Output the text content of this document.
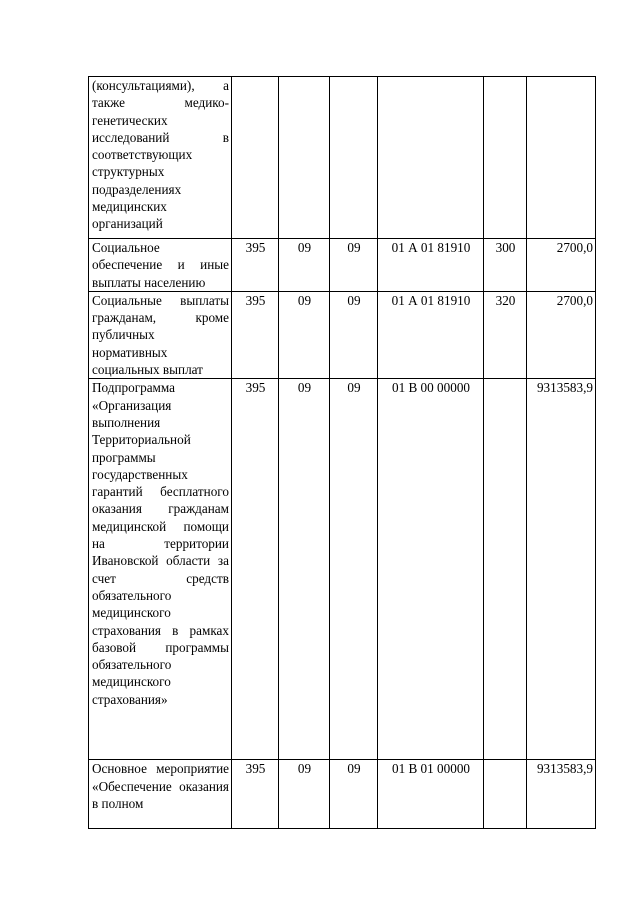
(консультациями), а также медико-генетических исследований в соответствующих структурных подразделениях медицинских организаций						
Социальное обеспечение и иные выплаты населению	395	09	09	01 А 01 81910	300	2700,0
Социальные выплаты гражданам, кроме публичных нормативных социальных выплат	395	09	09	01 А 01 81910	320	2700,0
Подпрограмма «Организация выполнения Территориальной программы государственных гарантий бесплатного оказания гражданам медицинской помощи на территории Ивановской области за счет средств обязательного медицинского страхования в рамках базовой программы обязательного медицинского страхования»	395	09	09	01 В 00 00000		9313583,9
Основное мероприятие «Обеспечение оказания в полном	395	09	09	01 В 01 00000		9313583,9
